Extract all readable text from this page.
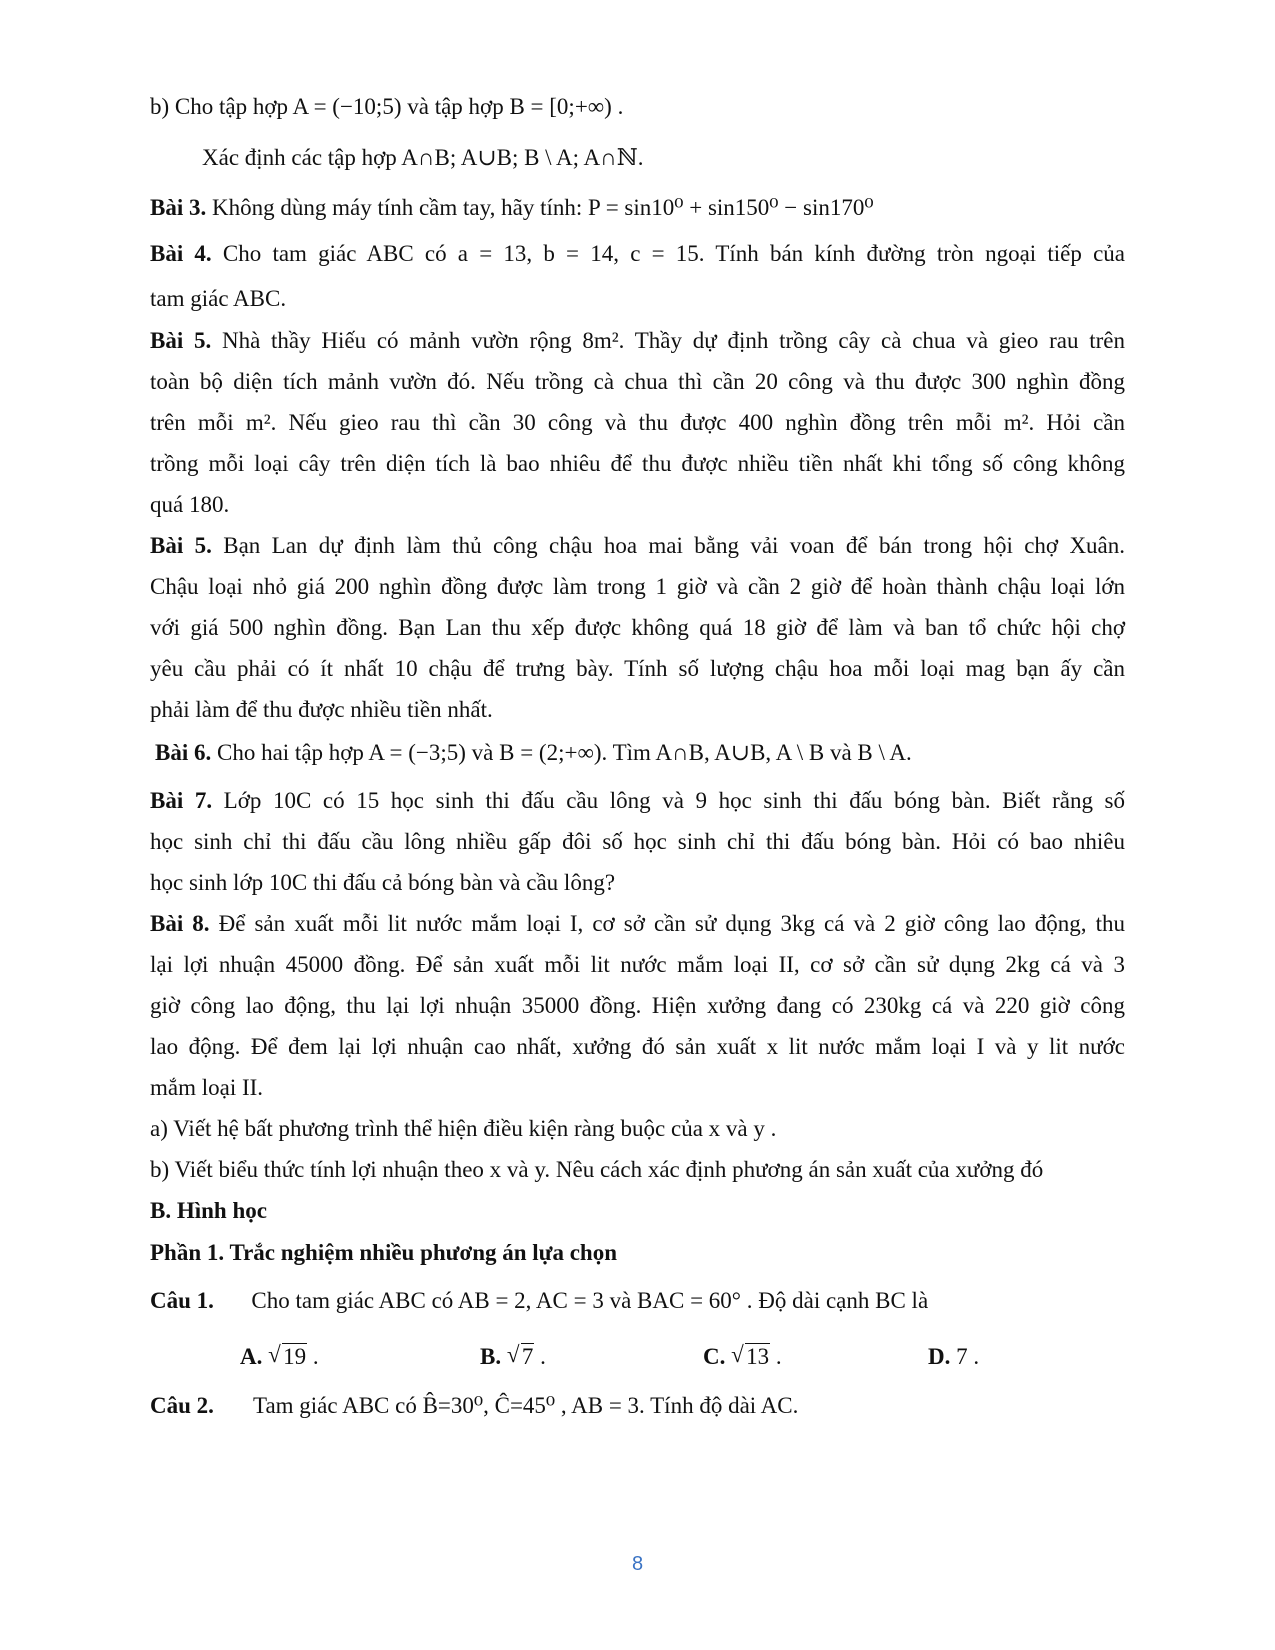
b) Cho tập hợp A = (−10;5) và tập hợp B = [0;+∞) .
Xác định các tập hợp A∩B; A∪B; B \ A; A∩ℕ.
Bài 3. Không dùng máy tính cầm tay, hãy tính: P = sin10⁰ + sin150⁰ − sin170⁰
Bài 4. Cho tam giác ABC có a = 13, b = 14, c = 15. Tính bán kính đường tròn ngoại tiếp của
tam giác ABC.
Bài 5. Nhà thầy Hiếu có mảnh vườn rộng 8m². Thầy dự định trồng cây cà chua và gieo rau trên
toàn bộ diện tích mảnh vườn đó. Nếu trồng cà chua thì cần 20 công và thu được 300 nghìn đồng
trên mỗi m². Nếu gieo rau thì cần 30 công và thu được 400 nghìn đồng trên mỗi m². Hỏi cần
trồng mỗi loại cây trên diện tích là bao nhiêu để thu được nhiều tiền nhất khi tổng số công không
quá 180.
Bài 5. Bạn Lan dự định làm thủ công chậu hoa mai bằng vải voan để bán trong hội chợ Xuân.
Chậu loại nhỏ giá 200 nghìn đồng được làm trong 1 giờ và cần 2 giờ để hoàn thành chậu loại lớn
với giá 500 nghìn đồng. Bạn Lan thu xếp được không quá 18 giờ để làm và ban tổ chức hội chợ
yêu cầu phải có ít nhất 10 chậu để trưng bày. Tính số lượng chậu hoa mỗi loại mag bạn ấy cần
phải làm để thu được nhiều tiền nhất.
Bài 6. Cho hai tập hợp A = (−3;5) và B = (2;+∞). Tìm A∩B, A∪B, A \ B và B \ A.
Bài 7. Lớp 10C có 15 học sinh thi đấu cầu lông và 9 học sinh thi đấu bóng bàn. Biết rằng số
học sinh chỉ thi đấu cầu lông nhiều gấp đôi số học sinh chỉ thi đấu bóng bàn. Hỏi có bao nhiêu
học sinh lớp 10C thi đấu cả bóng bàn và cầu lông?
Bài 8. Để sản xuất mỗi lit nước mắm loại I, cơ sở cần sử dụng 3kg cá và 2 giờ công lao động, thu
lại lợi nhuận 45000 đồng. Để sản xuất mỗi lit nước mắm loại II, cơ sở cần sử dụng 2kg cá và 3
giờ công lao động, thu lại lợi nhuận 35000 đồng. Hiện xưởng đang có 230kg cá và 220 giờ công
lao động. Để đem lại lợi nhuận cao nhất, xưởng đó sản xuất x lit nước mắm loại I và y lit nước
mắm loại II.
a) Viết hệ bất phương trình thể hiện điều kiện ràng buộc của x và y .
b) Viết biểu thức tính lợi nhuận theo x và y. Nêu cách xác định phương án sản xuất của xưởng đó
B. Hình học
Phần 1. Trắc nghiệm nhiều phương án lựa chọn
Câu 1. Cho tam giác ABC có AB = 2, AC = 3 và BAC = 60° . Độ dài cạnh BC là
A. √ 19 .	B. √ 7 .	C. √ 13 .	D. 7 .
Câu 2. Tam giác ABC có B̂=30⁰, Ĉ=45⁰ , AB = 3. Tính độ dài AC.
8
